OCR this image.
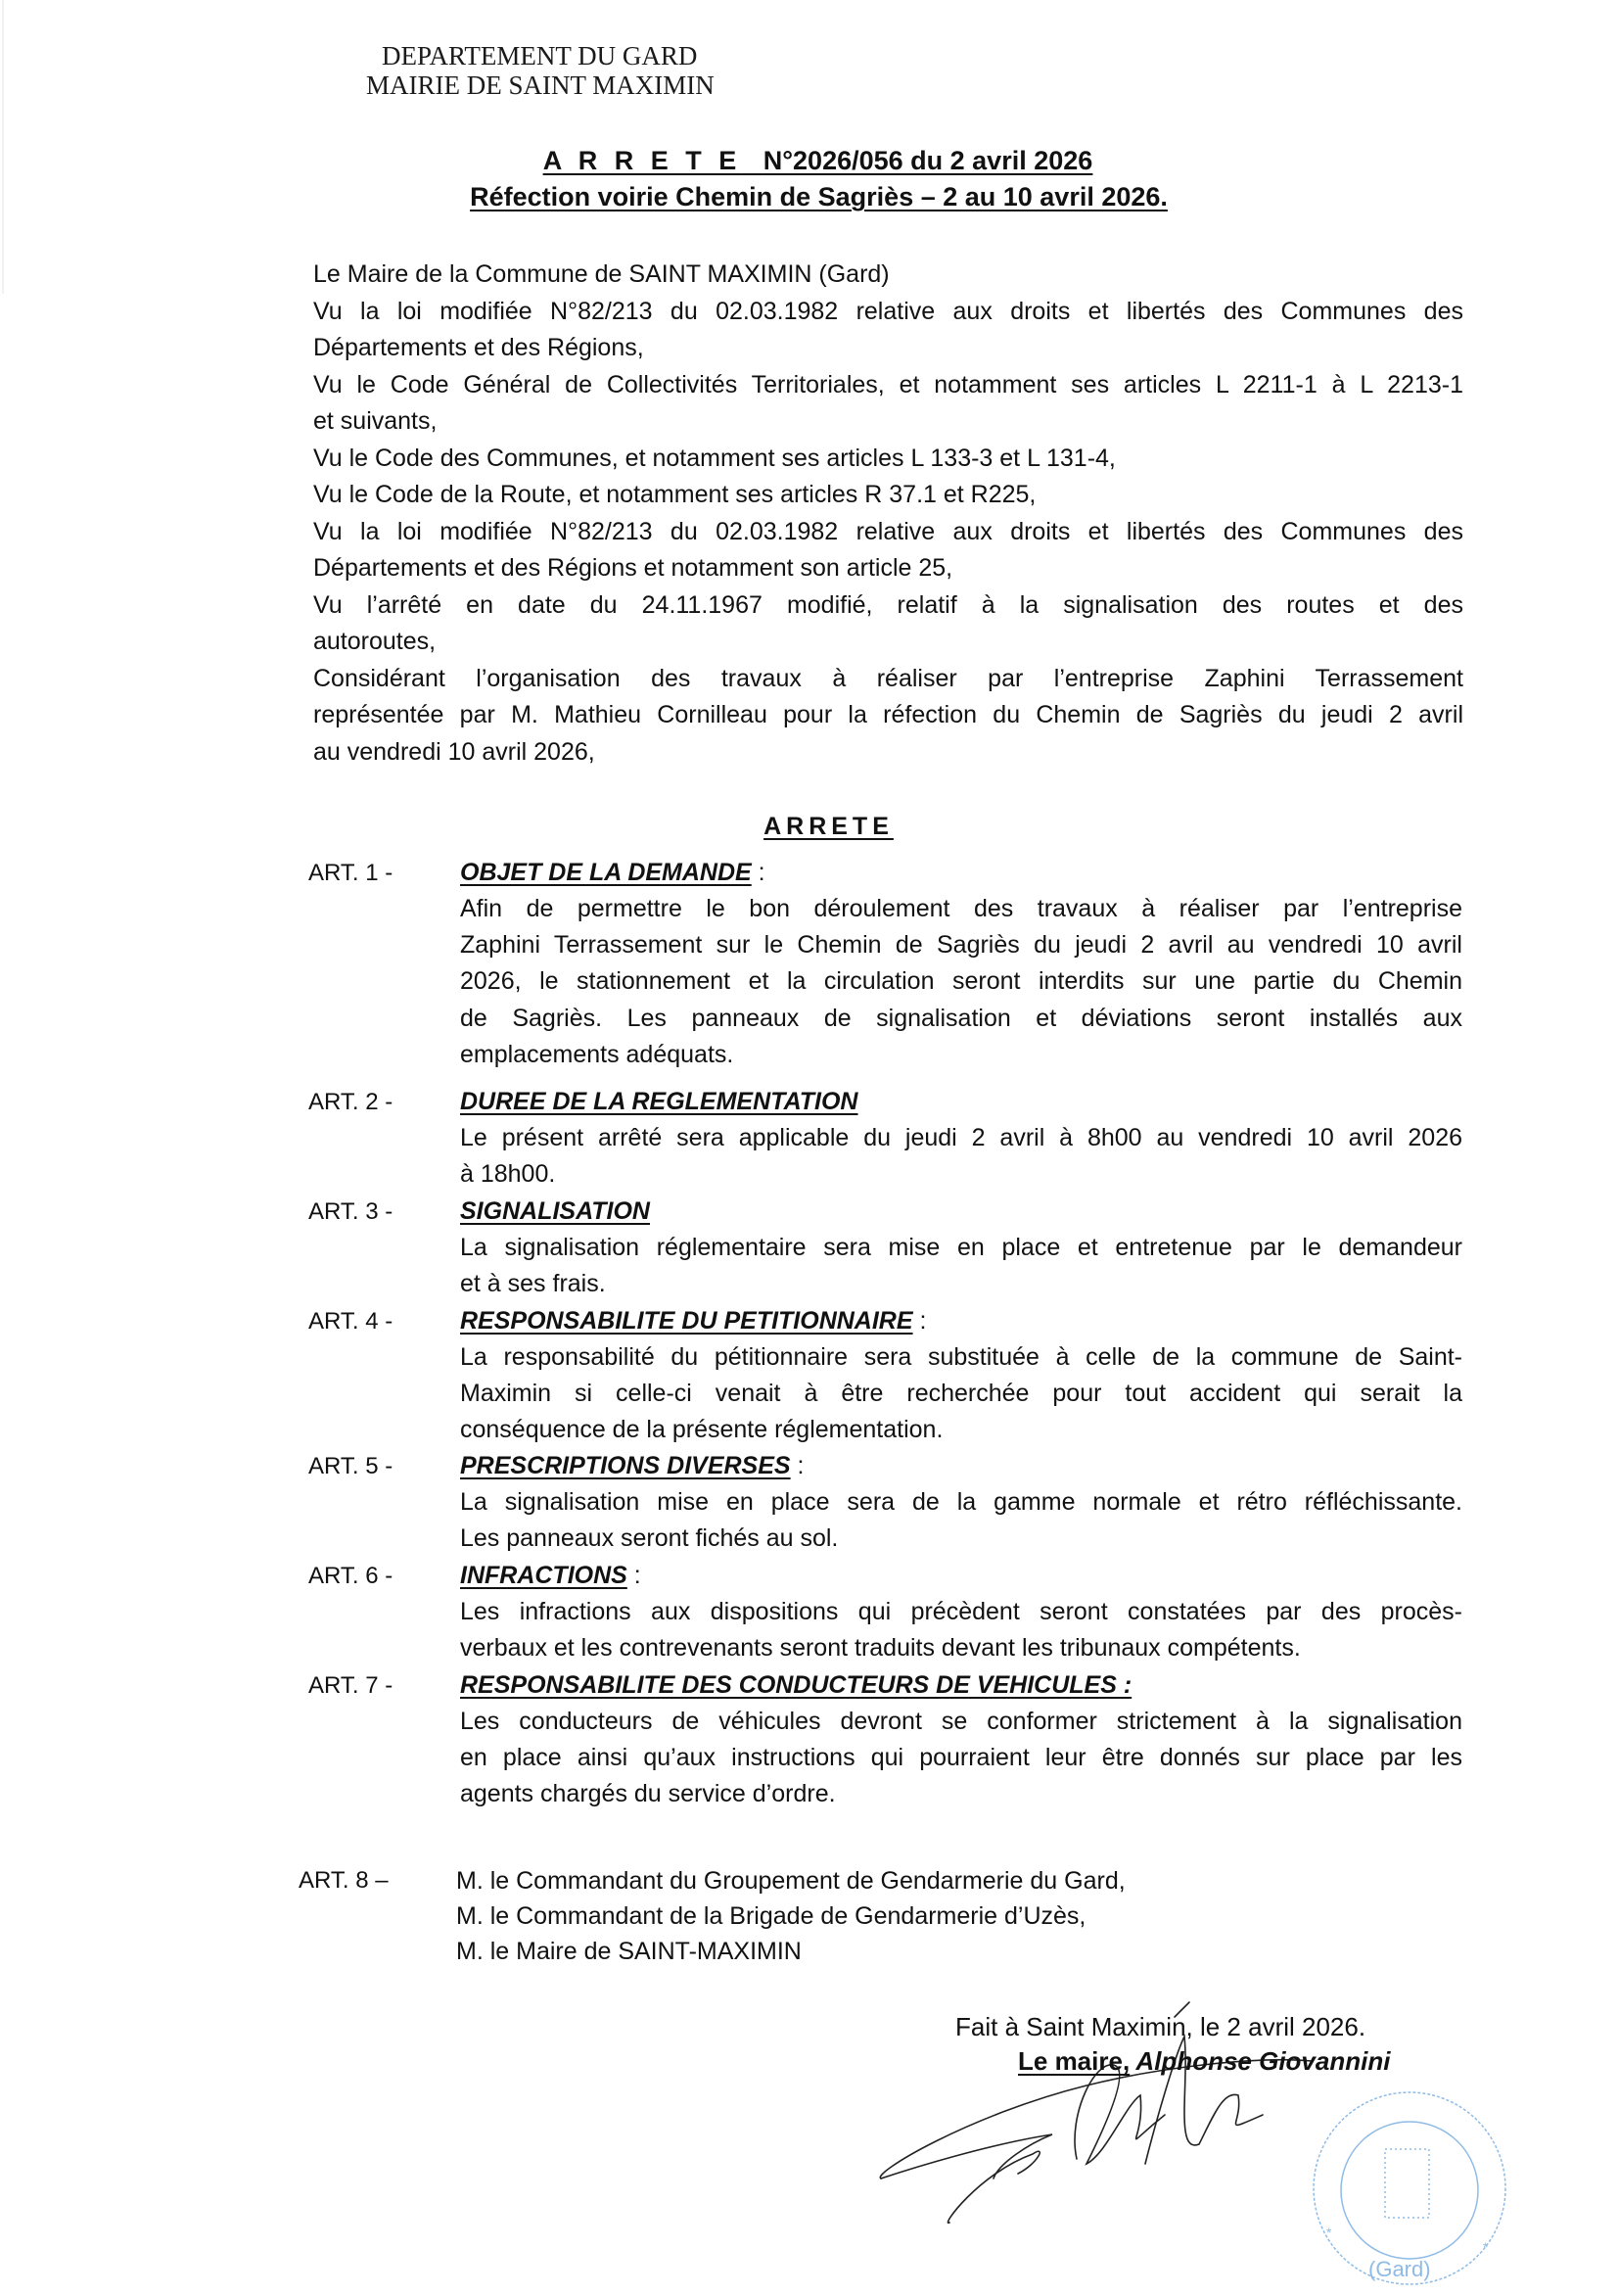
DEPARTEMENT DU GARD
MAIRIE DE SAINT MAXIMIN
A R R E T E N°2026/056 du 2 avril 2026
Réfection voirie Chemin de Sagriès – 2 au 10 avril 2026.
Le Maire de la Commune de SAINT MAXIMIN (Gard)
Vu la loi modifiée N°82/213 du 02.03.1982 relative aux droits et libertés des Communes des
Départements et des Régions,
Vu le Code Général de Collectivités Territoriales, et notamment ses articles L 2211-1 à L 2213-1
et suivants,
Vu le Code des Communes, et notamment ses articles L 133-3 et L 131-4,
Vu le Code de la Route, et notamment ses articles R 37.1 et R225,
Vu la loi modifiée N°82/213 du 02.03.1982 relative aux droits et libertés des Communes des
Départements et des Régions et notamment son article 25,
Vu l’arrêté en date du 24.11.1967 modifié, relatif à la signalisation des routes et des
autoroutes,
Considérant l’organisation des travaux à réaliser par l’entreprise Zaphini Terrassement
représentée par M. Mathieu Cornilleau pour la réfection du Chemin de Sagriès du jeudi 2 avril
au vendredi 10 avril 2026,
ARRETE
ART. 1 -	OBJET DE LA DEMANDE :
Afin de permettre le bon déroulement des travaux à réaliser par l’entreprise
Zaphini Terrassement sur le Chemin de Sagriès du jeudi 2 avril au vendredi 10 avril
2026, le stationnement et la circulation seront interdits sur une partie du Chemin
de Sagriès. Les panneaux de signalisation et déviations seront installés aux
emplacements adéquats.
ART. 2 -	DUREE DE LA REGLEMENTATION
Le présent arrêté sera applicable du jeudi 2 avril à 8h00 au vendredi 10 avril 2026
à 18h00.
ART. 3 -	SIGNALISATION
La signalisation réglementaire sera mise en place et entretenue par le demandeur
et à ses frais.
ART. 4 -	RESPONSABILITE DU PETITIONNAIRE :
La responsabilité du pétitionnaire sera substituée à celle de la commune de Saint-
Maximin si celle-ci venait à être recherchée pour tout accident qui serait la
conséquence de la présente réglementation.
ART. 5 -	PRESCRIPTIONS DIVERSES :
La signalisation mise en place sera de la gamme normale et rétro réfléchissante.
Les panneaux seront fichés au sol.
ART. 6 -	INFRACTIONS :
Les infractions aux dispositions qui précèdent seront constatées par des procès-
verbaux et les contrevenants seront traduits devant les tribunaux compétents.
ART. 7 -	RESPONSABILITE DES CONDUCTEURS DE VEHICULES :
Les conducteurs de véhicules devront se conformer strictement à la signalisation
en place ainsi qu’aux instructions qui pourraient leur être donnés sur place par les
agents chargés du service d’ordre.
ART. 8 –	M. le Commandant du Groupement de Gendarmerie du Gard,
M. le Commandant de la Brigade de Gendarmerie d’Uzès,
M. le Maire de SAINT-MAXIMIN
(Gard)
*
*
Fait à Saint Maximin, le 2 avril 2026.
Le maire, Alphonse Giovannini
